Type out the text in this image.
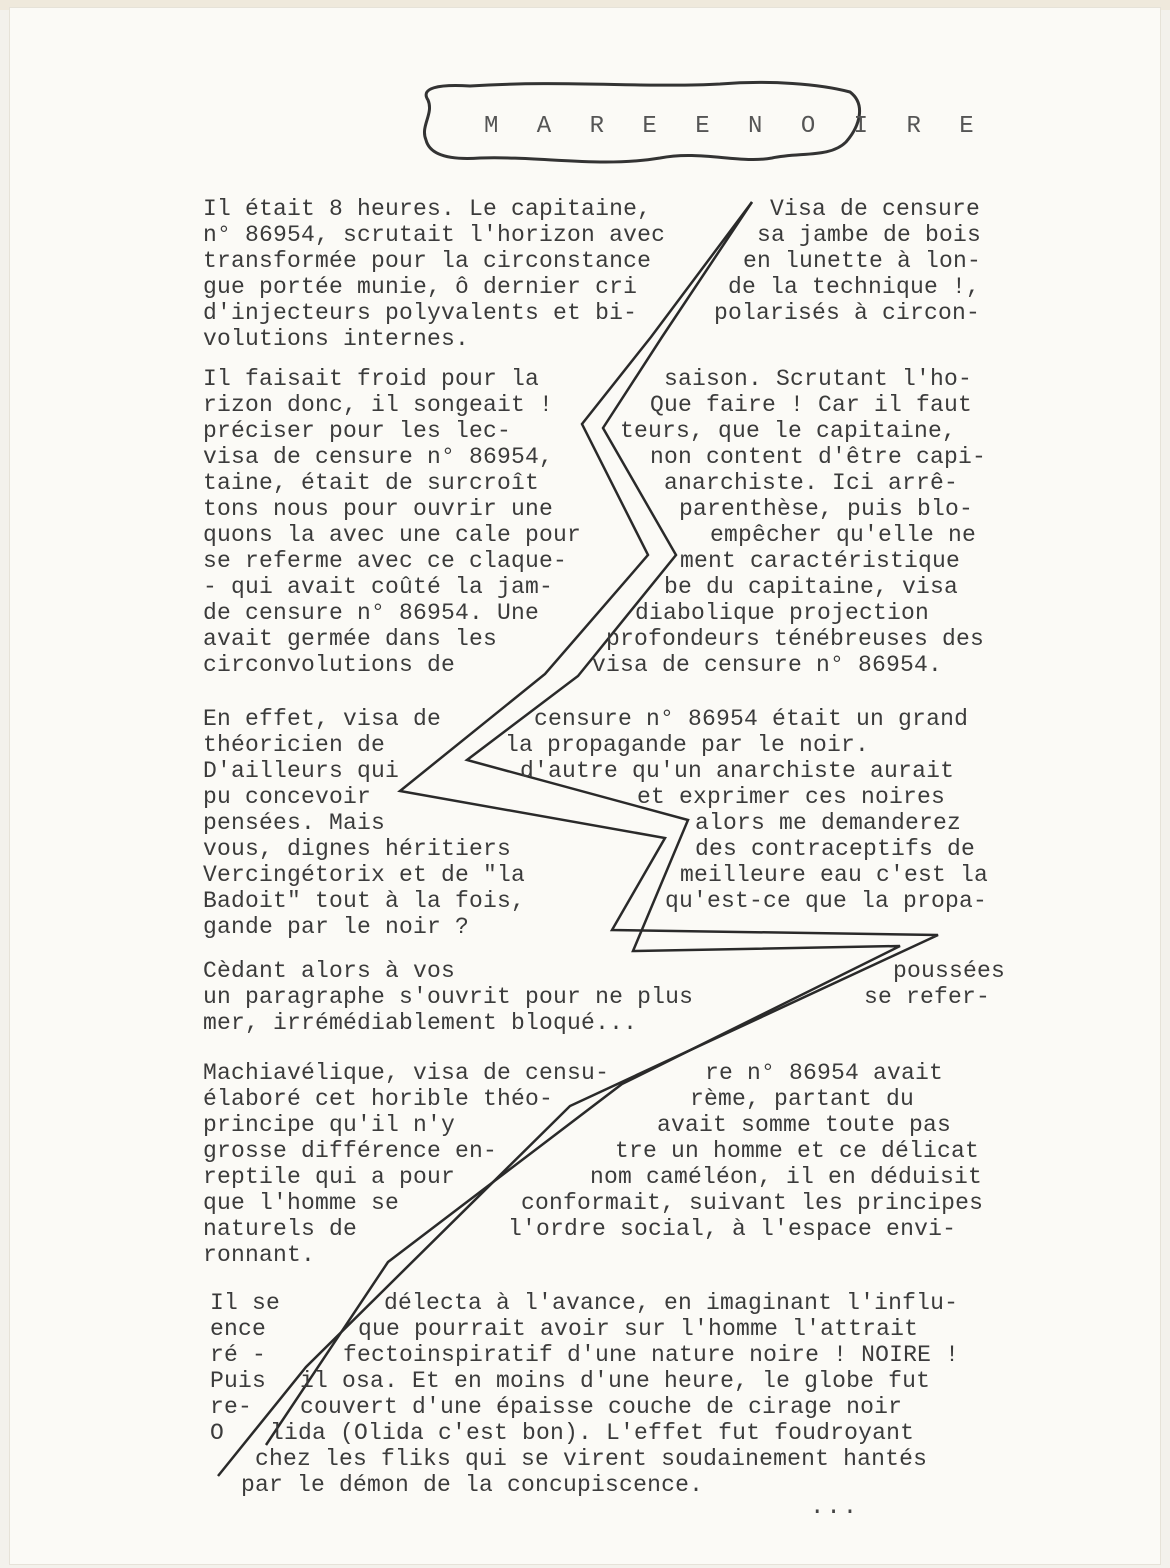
M A R E E N O I R E
Il était 8 heures. Le capitaine,
n° 86954, scrutait l'horizon avec
transformée pour la circonstance
gue portée munie, ô dernier cri
d'injecteurs polyvalents et bi-
volutions internes.
Visa de censure
sa jambe de bois
en lunette à lon-
de la technique !,
polarisés à circon-
Il faisait froid pour la
rizon donc, il songeait !
préciser pour les lec-
visa de censure n° 86954,
taine, était de surcroît
tons nous pour ouvrir une
quons la avec une cale pour
se referme avec ce claque-
- qui avait coûté la jam-
de censure n° 86954. Une
avait germée dans les
circonvolutions de
saison. Scrutant l'ho-
Que faire ! Car il faut
teurs, que le capitaine,
non content d'être capi-
anarchiste. Ici arrê-
parenthèse, puis blo-
empêcher qu'elle ne
ment caractéristique
be du capitaine, visa
diabolique projection
profondeurs ténébreuses des
visa de censure n° 86954.
En effet, visa de
théoricien de
D'ailleurs qui
pu concevoir
pensées. Mais
vous, dignes héritiers
Vercingétorix et de "la
Badoit" tout à la fois,
gande par le noir ?
censure n° 86954 était un grand
la propagande par le noir.
d'autre qu'un anarchiste aurait
et exprimer ces noires
alors me demanderez
des contraceptifs de
meilleure eau c'est la
qu'est-ce que la propa-
Cèdant alors à vos	poussées
un paragraphe s'ouvrit pour ne plus	se refer-
mer, irrémédiablement bloqué...
Machiavélique, visa de censu-
élaboré cet horible théo-
principe qu'il n'y
grosse différence en-
reptile qui a pour
que l'homme se
naturels de
ronnant.
re n° 86954 avait
rème, partant du
avait somme toute pas
tre un homme et ce délicat
nom caméléon, il en déduisit
conformait, suivant les principes
l'ordre social, à l'espace envi-
Il se
ence
ré -
Puis
re-
O
délecta à l'avance, en imaginant l'influ-
que pourrait avoir sur l'homme l'attrait
fectoinspiratif d'une nature noire ! NOIRE !
il osa. Et en moins d'une heure, le globe fut
couvert d'une épaisse couche de cirage noir
lida (Olida c'est bon). L'effet fut foudroyant
chez les fliks qui se virent soudainement hantés
par le démon de la concupiscence.
...
